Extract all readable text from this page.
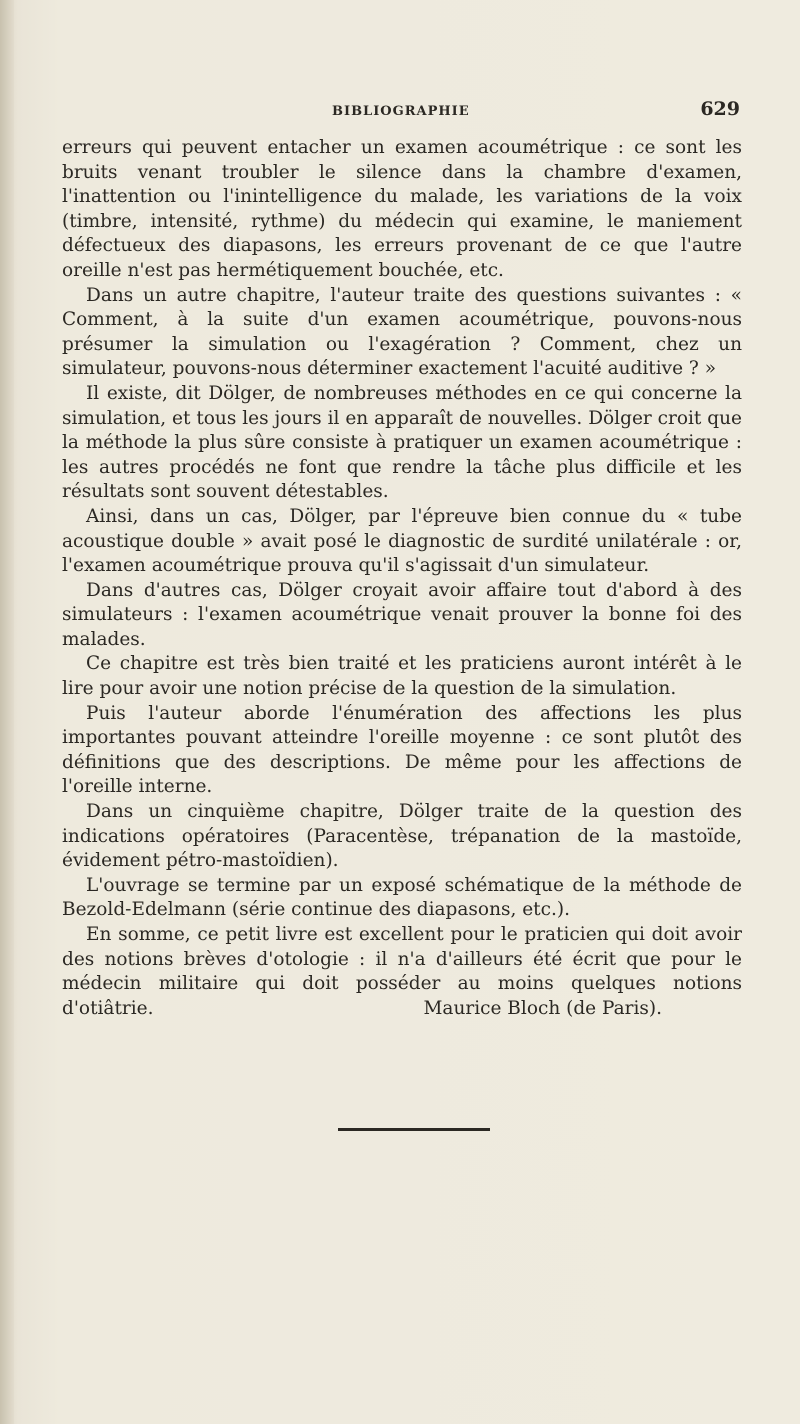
BIBLIOGRAPHIE	629

erreurs qui peuvent entacher un examen acoumétrique : ce sont les bruits venant troubler le silence dans la chambre d'examen, l'inattention ou l'inintelligence du malade, les variations de la voix (timbre, intensité, rythme) du médecin qui examine, le maniement défectueux des diapasons, les erreurs provenant de ce que l'autre oreille n'est pas hermétiquement bouchée, etc.

Dans un autre chapitre, l'auteur traite des questions suivantes : « Comment, à la suite d'un examen acoumétrique, pouvons-nous présumer la simulation ou l'exagération ? Comment, chez un simulateur, pouvons-nous déterminer exactement l'acuité auditive ? »

Il existe, dit Dölger, de nombreuses méthodes en ce qui concerne la simulation, et tous les jours il en apparaît de nouvelles. Dölger croit que la méthode la plus sûre consiste à pratiquer un examen acoumétrique : les autres procédés ne font que rendre la tâche plus difficile et les résultats sont souvent détestables.

Ainsi, dans un cas, Dölger, par l'épreuve bien connue du « tube acoustique double » avait posé le diagnostic de surdité unilatérale : or, l'examen acoumétrique prouva qu'il s'agissait d'un simulateur.

Dans d'autres cas, Dölger croyait avoir affaire tout d'abord à des simulateurs : l'examen acoumétrique venait prouver la bonne foi des malades.

Ce chapitre est très bien traité et les praticiens auront intérêt à le lire pour avoir une notion précise de la question de la simulation.

Puis l'auteur aborde l'énumération des affections les plus importantes pouvant atteindre l'oreille moyenne : ce sont plutôt des définitions que des descriptions. De même pour les affections de l'oreille interne.

Dans un cinquième chapitre, Dölger traite de la question des indications opératoires (Paracentèse, trépanation de la mastoïde, évidement pétro-mastoïdien).

L'ouvrage se termine par un exposé schématique de la méthode de Bezold-Edelmann (série continue des diapasons, etc.).

En somme, ce petit livre est excellent pour le praticien qui doit avoir des notions brèves d'otologie : il n'a d'ailleurs été écrit que pour le médecin militaire qui doit posséder au moins quelques notions d'otiâtrie.	Maurice Bloch (de Paris).
